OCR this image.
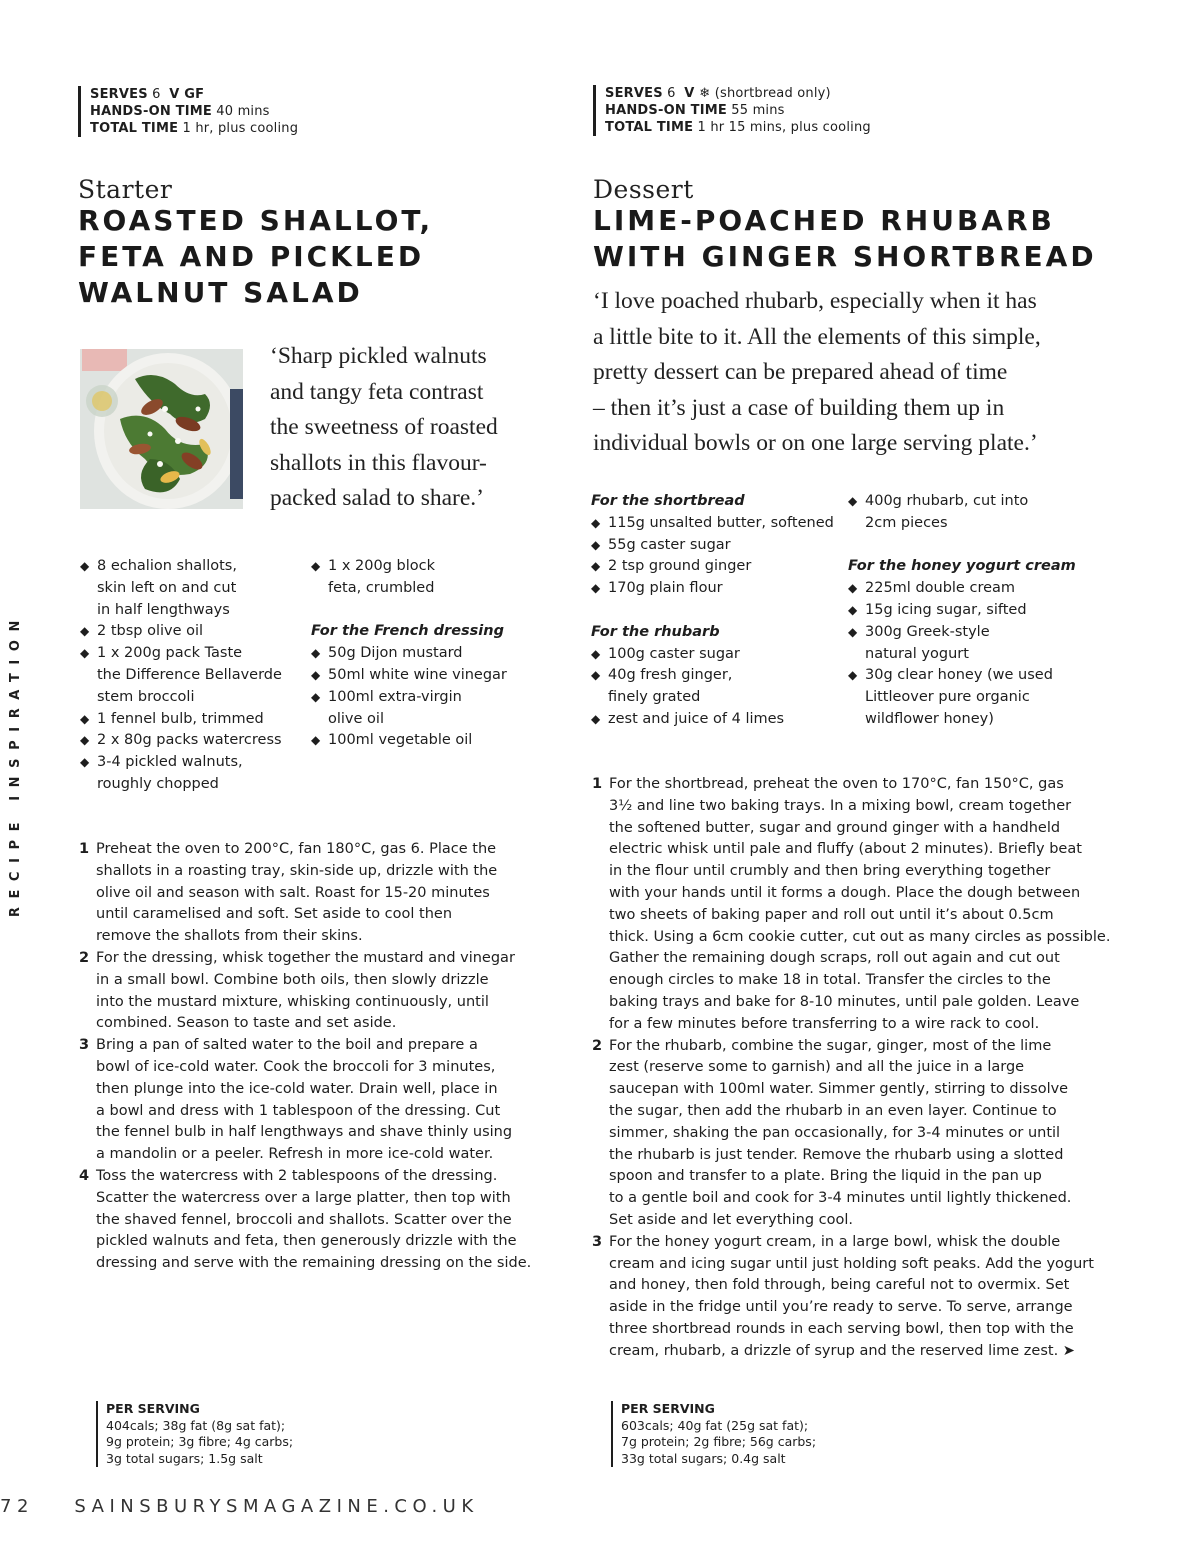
SERVES 6 V GF
HANDS-ON TIME 40 mins
TOTAL TIME 1 hr, plus cooling
SERVES 6 V ❄ (shortbread only)
HANDS-ON TIME 55 mins
TOTAL TIME 1 hr 15 mins, plus cooling
Starter	Dessert
ROASTED SHALLOT,
FETA AND PICKLED
WALNUT SALAD
LIME-POACHED RHUBARB
WITH GINGER SHORTBREAD
‘I love poached rhubarb, especially when it has
a little bite to it. All the elements of this simple,
pretty dessert can be prepared ahead of time
– then it’s just a case of building them up in
individual bowls or on one large serving plate.’
‘Sharp pickled walnuts
and tangy feta contrast
the sweetness of roasted
shallots in this flavour-
packed salad to share.’
◆ 8 echalion shallots,
skin left on and cut
in half lengthways
◆ 2 tbsp olive oil
◆ 1 x 200g pack Taste
the Difference Bellaverde
stem broccoli
◆ 1 fennel bulb, trimmed
◆ 2 x 80g packs watercress
◆ 3-4 pickled walnuts,
roughly chopped
◆ 1 x 200g block
feta, crumbled
For the French dressing
◆ 50g Dijon mustard
◆ 50ml white wine vinegar
◆ 100ml extra-virgin
olive oil
◆ 100ml vegetable oil
For the shortbread
◆ 115g unsalted butter, softened
◆ 55g caster sugar
◆ 2 tsp ground ginger
◆ 170g plain flour
For the rhubarb
◆ 100g caster sugar
◆ 40g fresh ginger,
finely grated
◆ zest and juice of 4 limes
◆ 400g rhubarb, cut into
2cm pieces
For the honey yogurt cream
◆ 225ml double cream
◆ 15g icing sugar, sifted
◆ 300g Greek-style
natural yogurt
◆ 30g clear honey (we used
Littleover pure organic
wildflower honey)
1 Preheat the oven to 200°C, fan 180°C, gas 6. Place the
shallots in a roasting tray, skin-side up, drizzle with the
olive oil and season with salt. Roast for 15-20 minutes
until caramelised and soft. Set aside to cool then
remove the shallots from their skins.
2 For the dressing, whisk together the mustard and vinegar
in a small bowl. Combine both oils, then slowly drizzle
into the mustard mixture, whisking continuously, until
combined. Season to taste and set aside.
3 Bring a pan of salted water to the boil and prepare a
bowl of ice-cold water. Cook the broccoli for 3 minutes,
then plunge into the ice-cold water. Drain well, place in
a bowl and dress with 1 tablespoon of the dressing. Cut
the fennel bulb in half lengthways and shave thinly using
a mandolin or a peeler. Refresh in more ice-cold water.
4 Toss the watercress with 2 tablespoons of the dressing.
Scatter the watercress over a large platter, then top with
the shaved fennel, broccoli and shallots. Scatter over the
pickled walnuts and feta, then generously drizzle with the
dressing and serve with the remaining dressing on the side.
1 For the shortbread, preheat the oven to 170°C, fan 150°C, gas
3½ and line two baking trays. In a mixing bowl, cream together
the softened butter, sugar and ground ginger with a handheld
electric whisk until pale and fluffy (about 2 minutes). Briefly beat
in the flour until crumbly and then bring everything together
with your hands until it forms a dough. Place the dough between
two sheets of baking paper and roll out until it’s about 0.5cm
thick. Using a 6cm cookie cutter, cut out as many circles as possible.
Gather the remaining dough scraps, roll out again and cut out
enough circles to make 18 in total. Transfer the circles to the
baking trays and bake for 8-10 minutes, until pale golden. Leave
for a few minutes before transferring to a wire rack to cool.
2 For the rhubarb, combine the sugar, ginger, most of the lime
zest (reserve some to garnish) and all the juice in a large
saucepan with 100ml water. Simmer gently, stirring to dissolve
the sugar, then add the rhubarb in an even layer. Continue to
simmer, shaking the pan occasionally, for 3-4 minutes or until
the rhubarb is just tender. Remove the rhubarb using a slotted
spoon and transfer to a plate. Bring the liquid in the pan up
to a gentle boil and cook for 3-4 minutes until lightly thickened.
Set aside and let everything cool.
3 For the honey yogurt cream, in a large bowl, whisk the double
cream and icing sugar until just holding soft peaks. Add the yogurt
and honey, then fold through, being careful not to overmix. Set
aside in the fridge until you’re ready to serve. To serve, arrange
three shortbread rounds in each serving bowl, then top with the
cream, rhubarb, a drizzle of syrup and the reserved lime zest. ➤
PER SERVING
404cals; 38g fat (8g sat fat);
9g protein; 3g fibre; 4g carbs;
3g total sugars; 1.5g salt
PER SERVING
603cals; 40g fat (25g sat fat);
7g protein; 2g fibre; 56g carbs;
33g total sugars; 0.4g salt
RECIPE INSPIRATION
72 SAINSBURYSMAGAZINE.CO.UK
